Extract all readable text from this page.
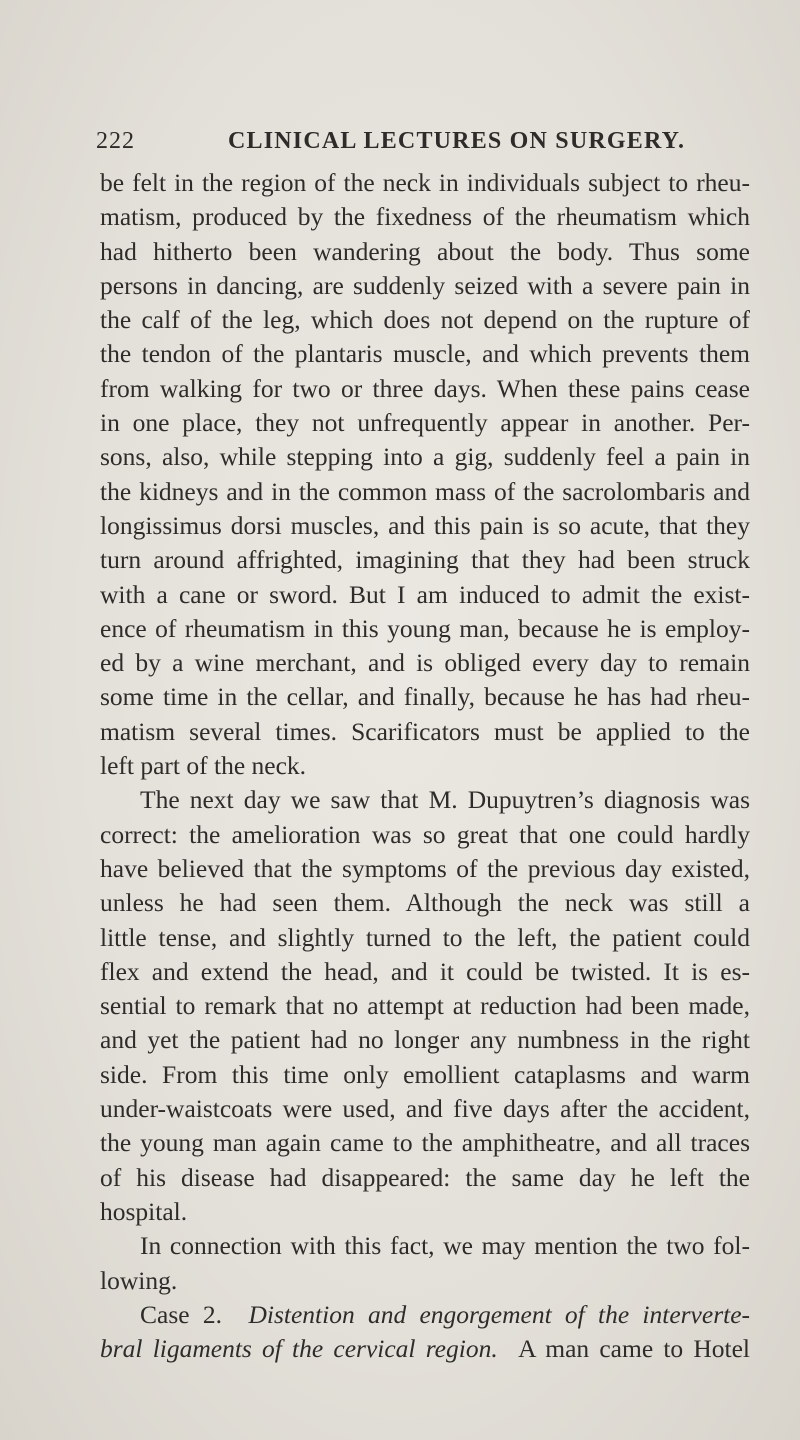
222	CLINICAL LECTURES ON SURGERY.
be felt in the region of the neck in individuals subject to rheu-
matism, produced by the fixedness of the rheumatism which
had hitherto been wandering about the body. Thus some
persons in dancing, are suddenly seized with a severe pain in
the calf of the leg, which does not depend on the rupture of
the tendon of the plantaris muscle, and which prevents them
from walking for two or three days. When these pains cease
in one place, they not unfrequently appear in another. Per-
sons, also, while stepping into a gig, suddenly feel a pain in
the kidneys and in the common mass of the sacrolombaris and
longissimus dorsi muscles, and this pain is so acute, that they
turn around affrighted, imagining that they had been struck
with a cane or sword. But I am induced to admit the exist-
ence of rheumatism in this young man, because he is employ-
ed by a wine merchant, and is obliged every day to remain
some time in the cellar, and finally, because he has had rheu-
matism several times. Scarificators must be applied to the
left part of the neck.
The next day we saw that M. Dupuytren’s diagnosis was
correct: the amelioration was so great that one could hardly
have believed that the symptoms of the previous day existed,
unless he had seen them. Although the neck was still a
little tense, and slightly turned to the left, the patient could
flex and extend the head, and it could be twisted. It is es-
sential to remark that no attempt at reduction had been made,
and yet the patient had no longer any numbness in the right
side. From this time only emollient cataplasms and warm
under-waistcoats were used, and five days after the accident,
the young man again came to the amphitheatre, and all traces
of his disease had disappeared: the same day he left the
hospital.
In connection with this fact, we may mention the two fol-
lowing.
Case 2. Distention and engorgement of the interverte-
bral ligaments of the cervical region. A man came to Hotel
